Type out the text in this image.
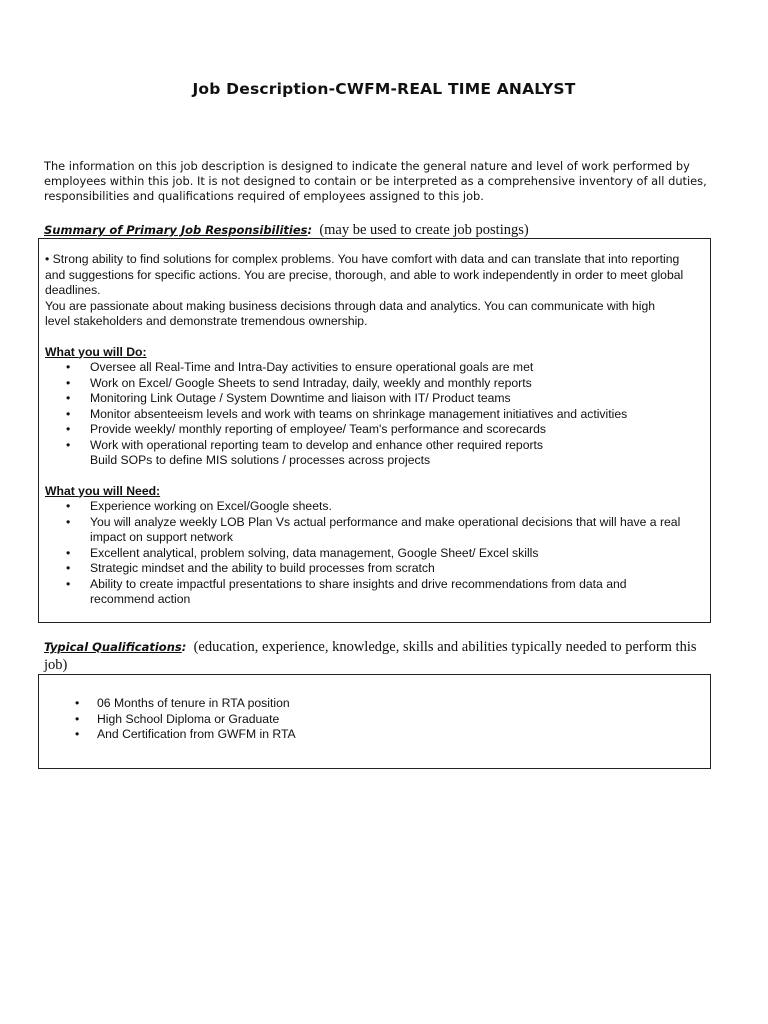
Job Description-CWFM-REAL TIME ANALYST
The information on this job description is designed to indicate the general nature and level of work performed by
employees within this job. It is not designed to contain or be interpreted as a comprehensive inventory of all duties,
responsibilities and qualifications required of employees assigned to this job.
Summary of Primary Job Responsibilities: (may be used to create job postings)
• Strong ability to find solutions for complex problems. You have comfort with data and can translate that into reporting
and suggestions for specific actions. You are precise, thorough, and able to work independently in order to meet global
deadlines.
You are passionate about making business decisions through data and analytics. You can communicate with high
level stakeholders and demonstrate tremendous ownership.
What you will Do:
• Oversee all Real-Time and Intra-Day activities to ensure operational goals are met
• Work on Excel/ Google Sheets to send Intraday, daily, weekly and monthly reports
• Monitoring Link Outage / System Downtime and liaison with IT/ Product teams
• Monitor absenteeism levels and work with teams on shrinkage management initiatives and activities
• Provide weekly/ monthly reporting of employee/ Team's performance and scorecards
• Work with operational reporting team to develop and enhance other required reports
Build SOPs to define MIS solutions / processes across projects
What you will Need:
• Experience working on Excel/Google sheets.
• You will analyze weekly LOB Plan Vs actual performance and make operational decisions that will have a real
impact on support network
• Excellent analytical, problem solving, data management, Google Sheet/ Excel skills
• Strategic mindset and the ability to build processes from scratch
• Ability to create impactful presentations to share insights and drive recommendations from data and
recommend action
Typical Qualifications: (education, experience, knowledge, skills and abilities typically needed to perform this
job)
• 06 Months of tenure in RTA position
• High School Diploma or Graduate
• And Certification from GWFM in RTA
